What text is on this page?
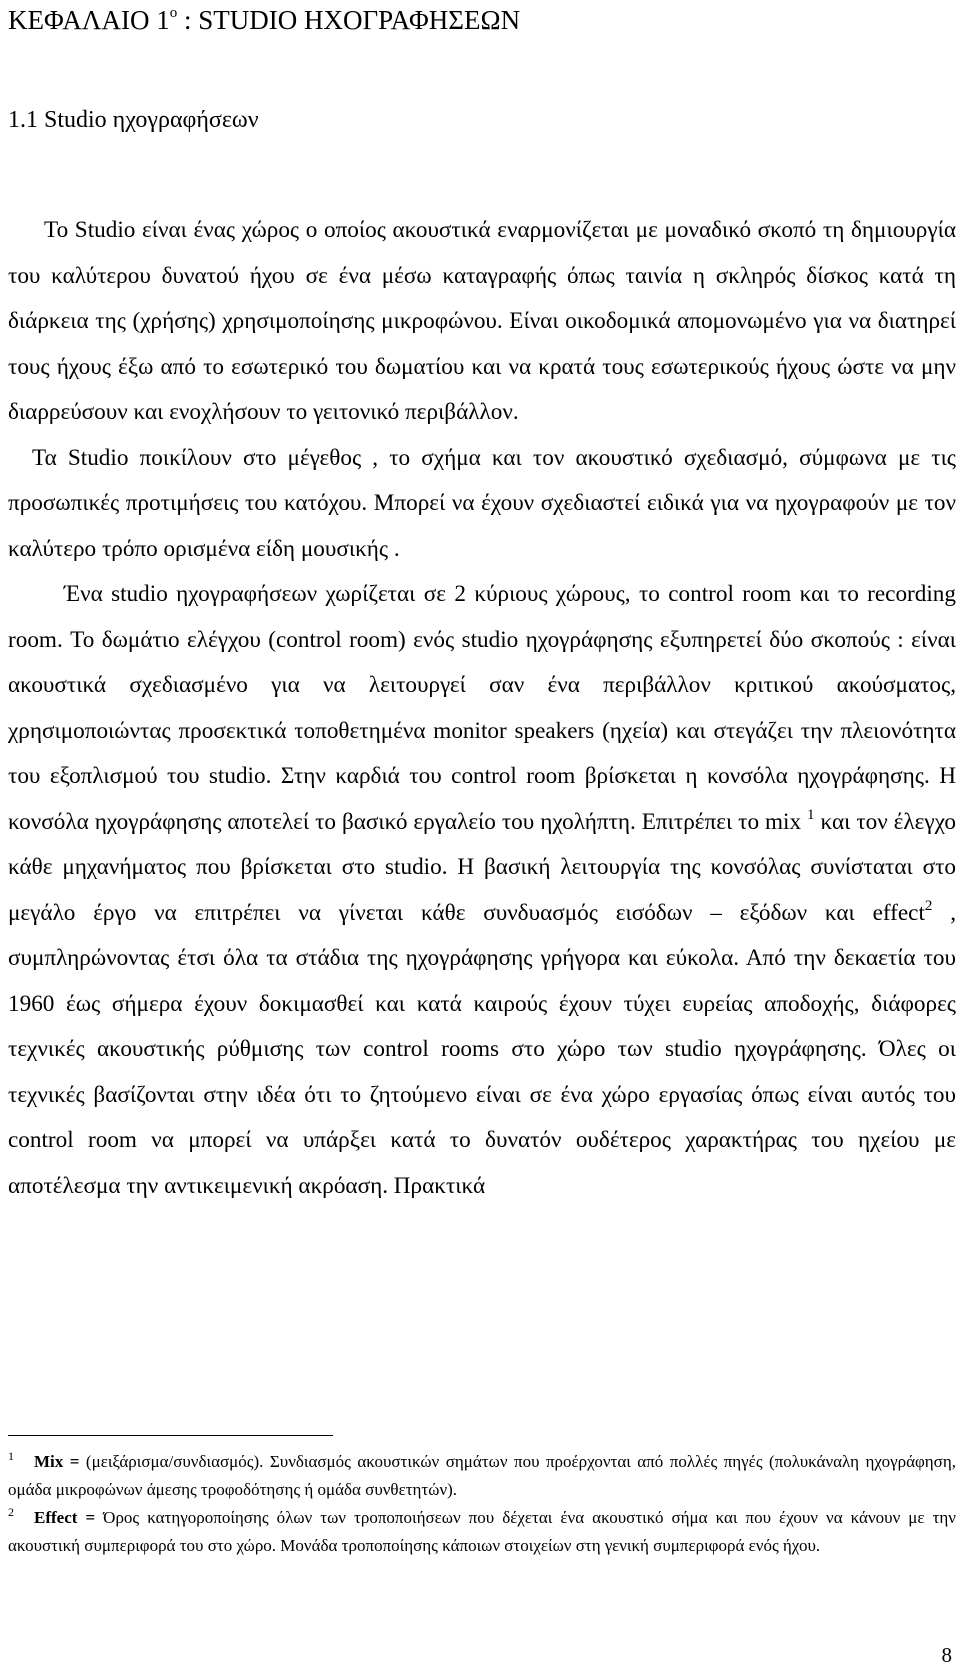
ΚΕΦΑΛΑΙΟ $1^o$ : STUDIO ΗΧΟΓΡΑΦΗΣΕΩΝ
1.1 Studio ηχογραφήσεων

Το Studio είναι ένας χώρος ο οποίος ακουστικά εναρμονίζεται με μοναδικό σκοπό τη δημιουργία του καλύτερου δυνατού ήχου σε ένα μέσω καταγραφής όπως ταινία η σκληρός δίσκος κατά τη διάρκεια της (χρήσης) χρησιμοποίησης μικροφώνου. Είναι οικοδομικά απομονωμένο για να διατηρεί τους ήχους έξω από το εσωτερικό του δωματίου και να κρατά τους εσωτερικούς ήχους ώστε να μην διαρρεύσουν και ενοχλήσουν το γειτονικό περιβάλλον.

Τα Studio ποικίλουν στο μέγεθος , το σχήμα και τον ακουστικό σχεδιασμό, σύμφωνα με τις προσωπικές προτιμήσεις του κατόχου. Μπορεί να έχουν σχεδιαστεί ειδικά για να ηχογραφούν με τον καλύτερο τρόπο ορισμένα είδη μουσικής .

Ένα studio ηχογραφήσεων χωρίζεται σε 2 κύριους χώρους, το control room και το recording room. Το δωμάτιο ελέγχου (control room) ενός studio ηχογράφησης εξυπηρετεί δύο σκοπούς : είναι ακουστικά σχεδιασμένο για να λειτουργεί σαν ένα περιβάλλον κριτικού ακούσματος, χρησιμοποιώντας προσεκτικά τοποθετημένα monitor speakers (ηχεία) και στεγάζει την πλειονότητα του εξοπλισμού του studio. Στην καρδιά του control room βρίσκεται η κονσόλα ηχογράφησης. Η κονσόλα ηχογράφησης αποτελεί το βασικό εργαλείο του ηχολήπτη. Επιτρέπει το mix $^1$ και τον έλεγχο κάθε μηχανήματος που βρίσκεται στο studio. Η βασική λειτουργία της κονσόλας συνίσταται στο μεγάλο έργο να επιτρέπει να γίνεται κάθε συνδυασμός εισόδων – εξόδων και effect$^2$ , συμπληρώνοντας έτσι όλα τα στάδια της ηχογράφησης γρήγορα και εύκολα. Από την δεκαετία του 1960 έως σήμερα έχουν δοκιμασθεί και κατά καιρούς έχουν τύχει ευρείας αποδοχής, διάφορες τεχνικές ακουστικής ρύθμισης των control rooms στο χώρο των studio ηχογράφησης. Όλες οι τεχνικές βασίζονται στην ιδέα ότι το ζητούμενο είναι σε ένα χώρο εργασίας όπως είναι αυτός του control room να μπορεί να υπάρξει κατά το δυνατόν ουδέτερος χαρακτήρας του ηχείου με αποτέλεσμα την αντικειμενική ακρόαση. Πρακτικά

1 Mix = (μειξάρισμα/συνδιασμός). Συνδιασμός ακουστικών σημάτων που προέρχονται από πολλές πηγές (πολυκάναλη ηχογράφηση, ομάδα μικροφώνων άμεσης τροφοδότησης ή ομάδα συνθετητών).

2 Effect = Όρος κατηγοροποίησης όλων των τροποποιήσεων που δέχεται ένα ακουστικό σήμα και που έχουν να κάνουν με την ακουστική συμπεριφορά του στο χώρο. Μονάδα τροποποίησης κάποιων στοιχείων στη γενική συμπεριφορά ενός ήχου.

8
